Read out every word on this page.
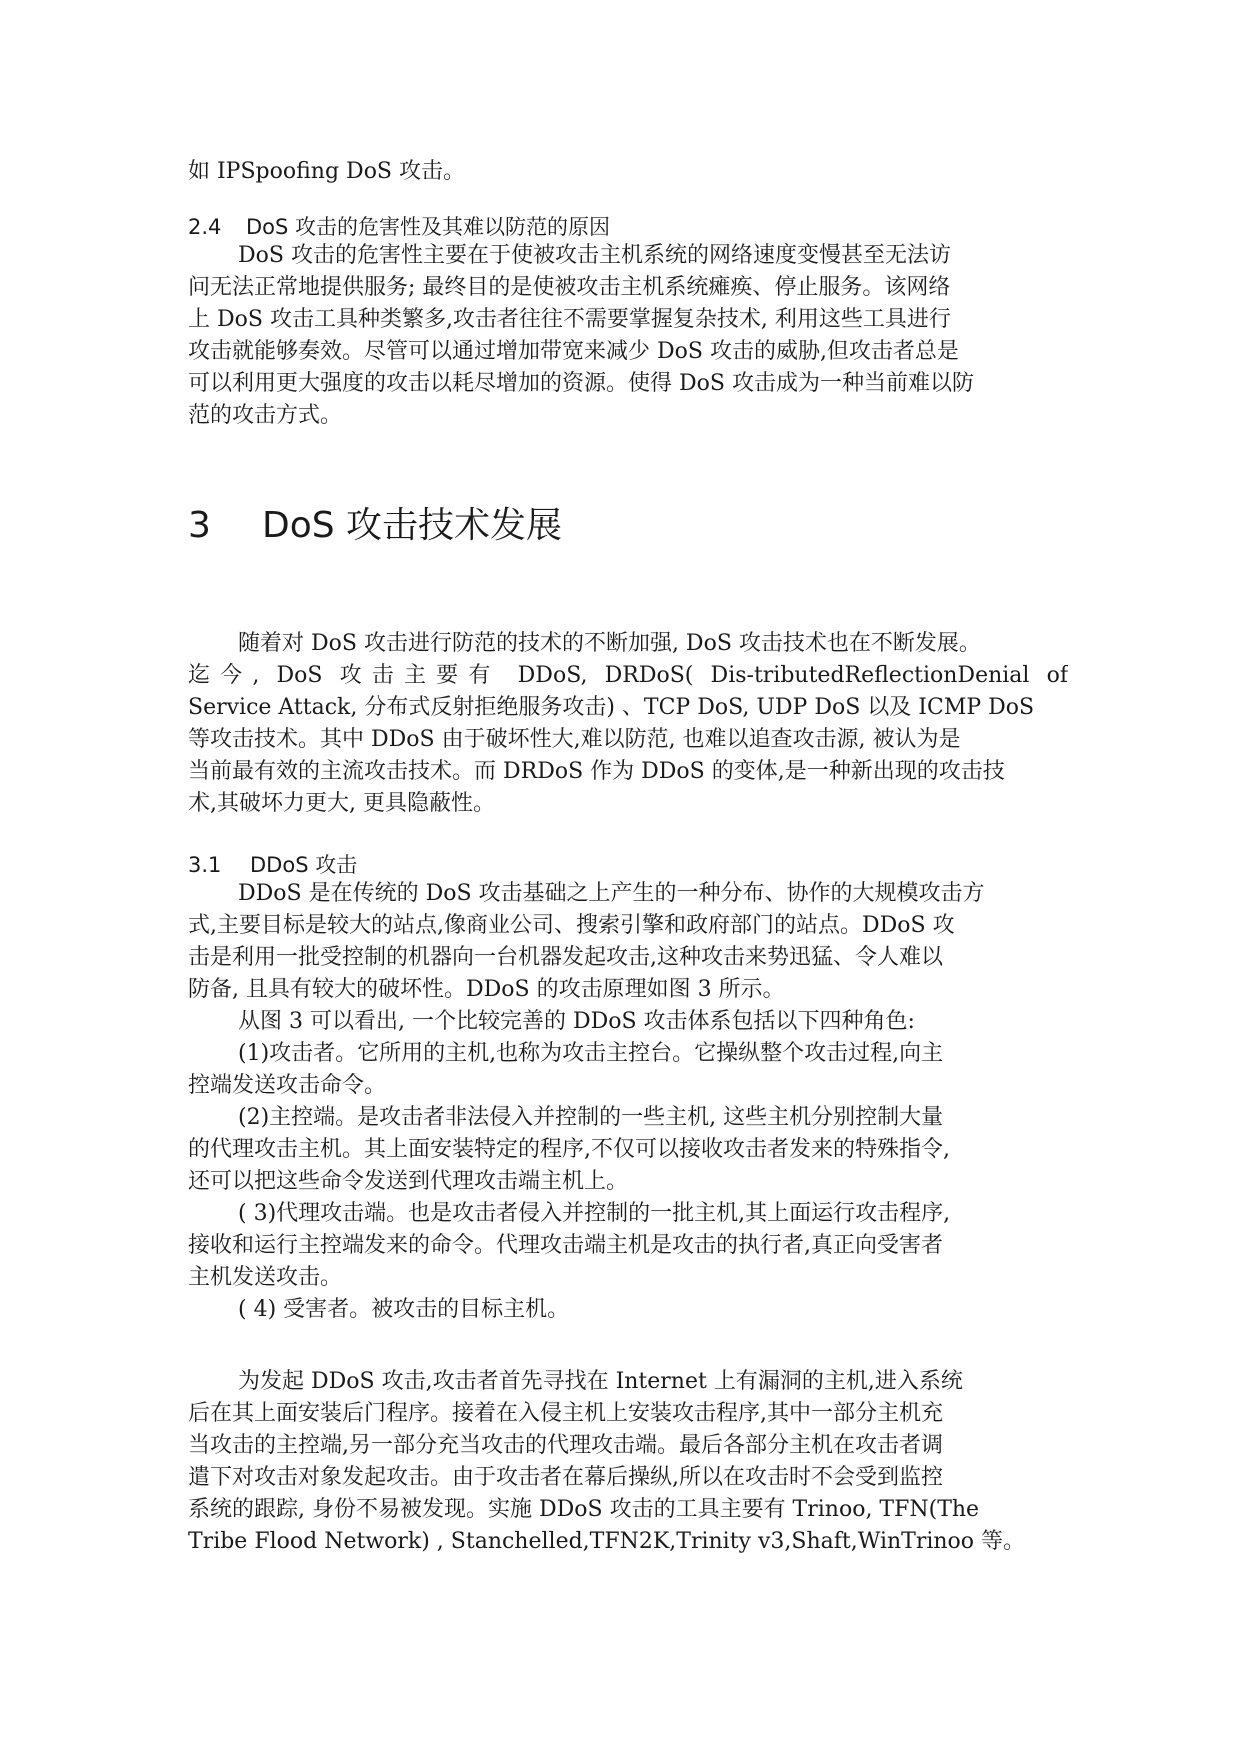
如 IPSpoofing DoS 攻击。
2.4 DoS 攻击的危害性及其难以防范的原因
DoS 攻击的危害性主要在于使被攻击主机系统的网络速度变慢甚至无法访
问无法正常地提供服务; 最终目的是使被攻击主机系统瘫痪、停止服务。该网络
上 DoS 攻击工具种类繁多,攻击者往往不需要掌握复杂技术, 利用这些工具进行
攻击就能够奏效。尽管可以通过增加带宽来减少 DoS 攻击的威胁,但攻击者总是
可以利用更大强度的攻击以耗尽增加的资源。使得 DoS 攻击成为一种当前难以防
范的攻击方式。
3 DoS 攻击技术发展
随着对 DoS 攻击进行防范的技术的不断加强, DoS 攻击技术也在不断发展。
迄今, DoS 攻击主要有 DDoS, DRDoS( Dis-tributedReflectionDenial of
Service Attack, 分布式反射拒绝服务攻击) 、TCP DoS, UDP DoS 以及 ICMP DoS
等攻击技术。其中 DDoS 由于破坏性大,难以防范, 也难以追查攻击源, 被认为是
当前最有效的主流攻击技术。而 DRDoS 作为 DDoS 的变体,是一种新出现的攻击技
术,其破坏力更大, 更具隐蔽性。
3.1 DDoS 攻击
DDoS 是在传统的 DoS 攻击基础之上产生的一种分布、协作的大规模攻击方
式,主要目标是较大的站点,像商业公司、搜索引擎和政府部门的站点。DDoS 攻
击是利用一批受控制的机器向一台机器发起攻击,这种攻击来势迅猛、令人难以
防备, 且具有较大的破坏性。DDoS 的攻击原理如图 3 所示。
从图 3 可以看出, 一个比较完善的 DDoS 攻击体系包括以下四种角色:
(1)攻击者。它所用的主机,也称为攻击主控台。它操纵整个攻击过程,向主
控端发送攻击命令。
(2)主控端。是攻击者非法侵入并控制的一些主机, 这些主机分别控制大量
的代理攻击主机。其上面安装特定的程序,不仅可以接收攻击者发来的特殊指令,
还可以把这些命令发送到代理攻击端主机上。
( 3)代理攻击端。也是攻击者侵入并控制的一批主机,其上面运行攻击程序,
接收和运行主控端发来的命令。代理攻击端主机是攻击的执行者,真正向受害者
主机发送攻击。
( 4) 受害者。被攻击的目标主机。
为发起 DDoS 攻击,攻击者首先寻找在 Internet 上有漏洞的主机,进入系统
后在其上面安装后门程序。接着在入侵主机上安装攻击程序,其中一部分主机充
当攻击的主控端,另一部分充当攻击的代理攻击端。最后各部分主机在攻击者调
遣下对攻击对象发起攻击。由于攻击者在幕后操纵,所以在攻击时不会受到监控
系统的跟踪, 身份不易被发现。实施 DDoS 攻击的工具主要有 Trinoo, TFN(The
Tribe Flood Network) , Stanchelled,TFN2K,Trinity v3,Shaft,WinTrinoo 等。
